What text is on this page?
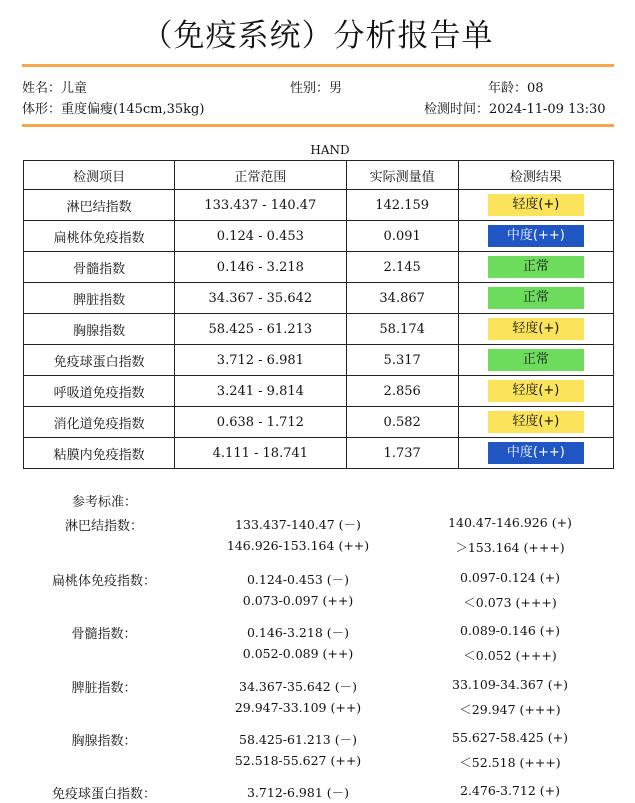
（免疫系统）分析报告单
姓名：儿童	性别：男	年龄：08
体形：重度偏瘦(145cm,35kg)	检测时间：2024-11-09 13:30
HAND
检测项目	正常范围	实际测量值	检测结果
淋巴结指数	133.437 - 140.47	142.159	轻度(+)
扁桃体免疫指数	0.124 - 0.453	0.091	中度(++)
骨髓指数	0.146 - 3.218	2.145	正常
脾脏指数	34.367 - 35.642	34.867	正常
胸腺指数	58.425 - 61.213	58.174	轻度(+)
免疫球蛋白指数	3.712 - 6.981	5.317	正常
呼吸道免疫指数	3.241 - 9.814	2.856	轻度(+)
消化道免疫指数	0.638 - 1.712	0.582	轻度(+)
粘膜内免疫指数	4.111 - 18.741	1.737	中度(++)
参考标准：
淋巴结指数：	133.437-140.47 (－)	140.47-146.926 (+)
146.926-153.164 (++)	＞153.164 (+++)
扁桃体免疫指数：	0.124-0.453 (－)	0.097-0.124 (+)
0.073-0.097 (++)	＜0.073 (+++)
骨髓指数：	0.146-3.218 (－)	0.089-0.146 (+)
0.052-0.089 (++)	＜0.052 (+++)
脾脏指数：	34.367-35.642 (－)	33.109-34.367 (+)
29.947-33.109 (++)	＜29.947 (+++)
胸腺指数：	58.425-61.213 (－)	55.627-58.425 (+)
52.518-55.627 (++)	＜52.518 (+++)
免疫球蛋白指数：	3.712-6.981 (－)	2.476-3.712 (+)
